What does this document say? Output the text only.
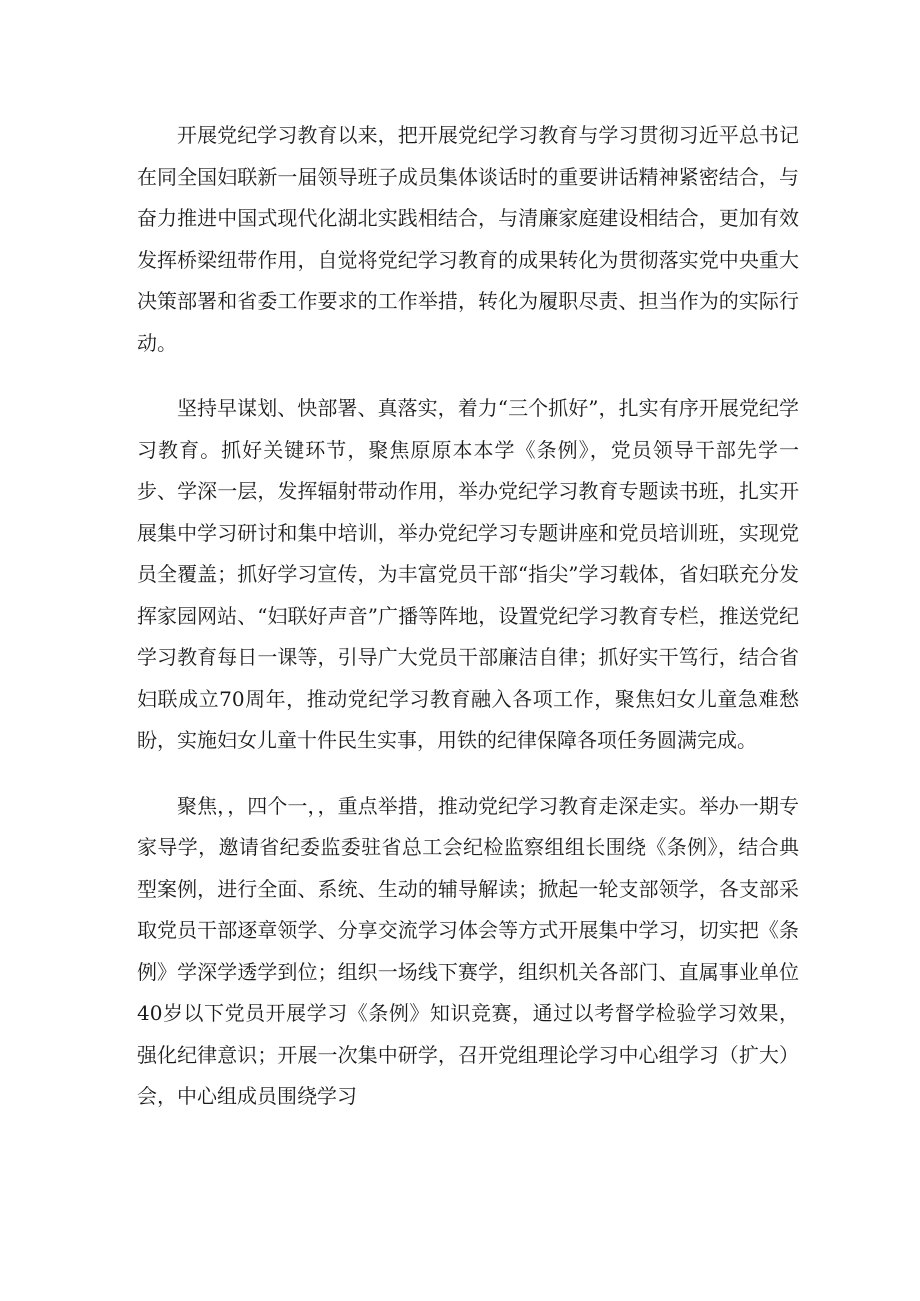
开展党纪学习教育以来，把开展党纪学习教育与学习贯彻习近平总书记在同全国妇联新一届领导班子成员集体谈话时的重要讲话精神紧密结合，与奋力推进中国式现代化湖北实践相结合，与清廉家庭建设相结合，更加有效发挥桥梁纽带作用，自觉将党纪学习教育的成果转化为贯彻落实党中央重大决策部署和省委工作要求的工作举措，转化为履职尽责、担当作为的实际行动。

坚持早谋划、快部署、真落实，着力“三个抓好”，扎实有序开展党纪学习教育。抓好关键环节，聚焦原原本本学《条例》，党员领导干部先学一步、学深一层，发挥辐射带动作用，举办党纪学习教育专题读书班，扎实开展集中学习研讨和集中培训，举办党纪学习专题讲座和党员培训班，实现党员全覆盖；抓好学习宣传，为丰富党员干部“指尖”学习载体，省妇联充分发挥家园网站、“妇联好声音”广播等阵地，设置党纪学习教育专栏，推送党纪学习教育每日一课等，引导广大党员干部廉洁自律；抓好实干笃行，结合省妇联成立70周年，推动党纪学习教育融入各项工作，聚焦妇女儿童急难愁盼，实施妇女儿童十件民生实事，用铁的纪律保障各项任务圆满完成。

聚焦，，四个一，，重点举措，推动党纪学习教育走深走实。举办一期专家导学，邀请省纪委监委驻省总工会纪检监察组组长围绕《条例》，结合典型案例，进行全面、系统、生动的辅导解读；掀起一轮支部领学，各支部采取党员干部逐章领学、分享交流学习体会等方式开展集中学习，切实把《条例》学深学透学到位；组织一场线下赛学，组织机关各部门、直属事业单位40岁以下党员开展学习《条例》知识竞赛，通过以考督学检验学习效果，强化纪律意识；开展一次集中研学，召开党组理论学习中心组学习（扩大）会，中心组成员围绕学习
